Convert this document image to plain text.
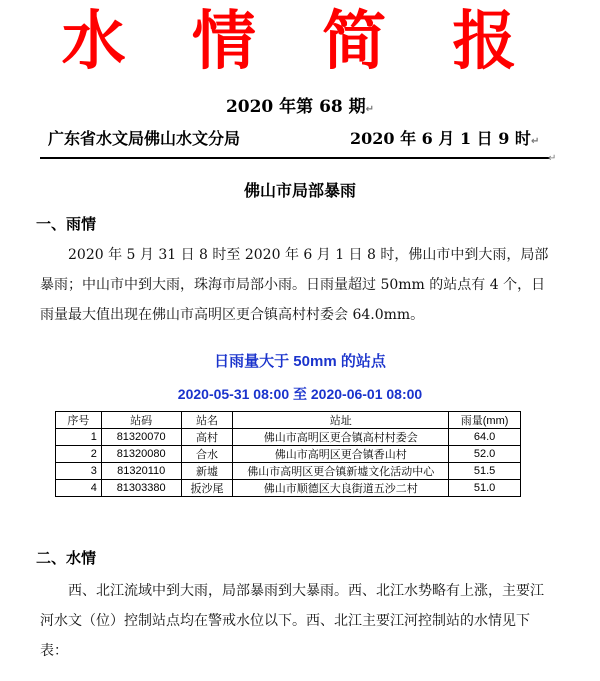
水 情 简 报
2020 年第 68 期↵
广东省水文局佛山水文分局	2020 年 6 月 1 日 9 时↵
↵
佛山市局部暴雨
一、雨情
2020 年 5 月 31 日 8 时至 2020 年 6 月 1 日 8 时，佛山市中到大雨，局部暴雨；中山市中到大雨，珠海市局部小雨。日雨量超过 50mm 的站点有 4 个，日雨量最大值出现在佛山市高明区更合镇高村村委会 64.0mm。
日雨量大于 50mm 的站点
2020-05-31 08:00 至 2020-06-01 08:00
序号	站码	站名	站址	雨量(mm)
1	81320070	高村	佛山市高明区更合镇高村村委会	64.0
2	81320080	合水	佛山市高明区更合镇香山村	52.0
3	81320110	新墟	佛山市高明区更合镇新墟文化活动中心	51.5
4	81303380	扳沙尾	佛山市顺德区大良街道五沙二村	51.0
二、水情
西、北江流域中到大雨，局部暴雨到大暴雨。西、北江水势略有上涨，主要江河水文（位）控制站点均在警戒水位以下。西、北江主要江河控制站的水情见下表：
